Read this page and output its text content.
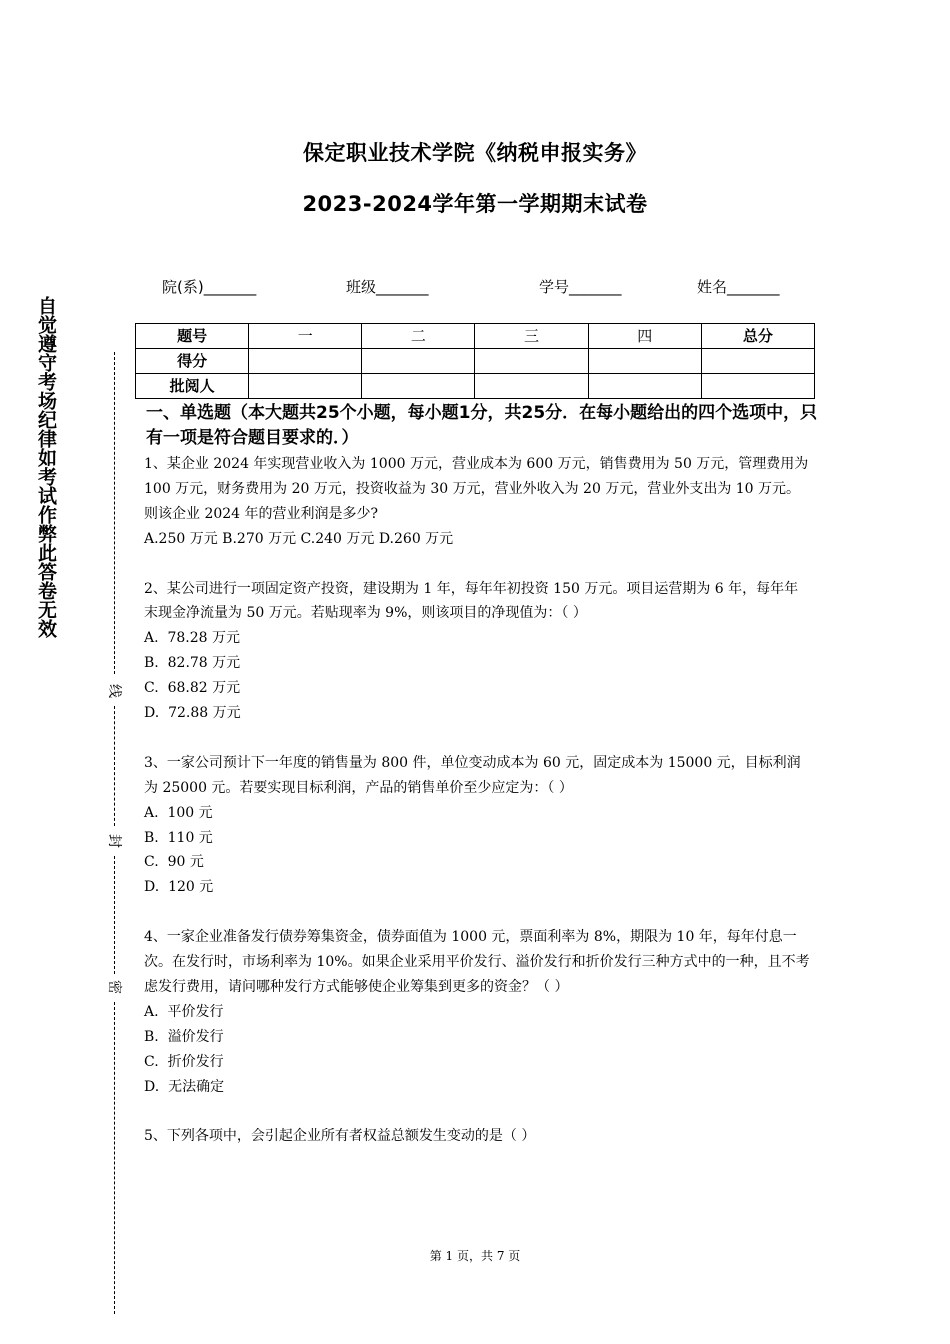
保定职业技术学院《纳税申报实务》
2023-2024学年第一学期期末试卷
院(系)_______	班级_______	学号_______	姓名_______
题号	一	二	三	四	总分
得分					
批阅人					
一、单选题（本大题共25个小题，每小题1分，共25分．在每小题给出的四个选项中，只有一项是符合题目要求的．）

1、某企业 2024 年实现营业收入为 1000 万元，营业成本为 600 万元，销售费用为 50 万元，管理费用为 100 万元，财务费用为 20 万元，投资收益为 30 万元，营业外收入为 20 万元，营业外支出为 10 万元。则该企业 2024 年的营业利润是多少?

A.250 万元 B.270 万元 C.240 万元 D.260 万元

2、某公司进行一项固定资产投资，建设期为 1 年，每年年初投资 150 万元。项目运营期为 6 年，每年年末现金净流量为 50 万元。若贴现率为 9%，则该项目的净现值为：（ ）

A.  78.28 万元

B.  82.78 万元

C.  68.82 万元

D.  72.88 万元

3、一家公司预计下一年度的销售量为 800 件，单位变动成本为 60 元，固定成本为 15000 元，目标利润为 25000 元。若要实现目标利润，产品的销售单价至少应定为：（ ）

A.  100 元

B.  110 元

C.  90 元

D.  120 元

4、一家企业准备发行债券筹集资金，债券面值为 1000 元，票面利率为 8%，期限为 10 年，每年付息一次。在发行时，市场利率为 10%。如果企业采用平价发行、溢价发行和折价发行三种方式中的一种，且不考虑发行费用，请问哪种发行方式能够使企业筹集到更多的资金？（ ）

A.  平价发行

B.  溢价发行

C.  折价发行

D.  无法确定

5、下列各项中，会引起企业所有者权益总额发生变动的是（ ）

自觉遵守考场纪律如考试作弊此答卷无效
线
封
密
第 1 页，共 7 页
